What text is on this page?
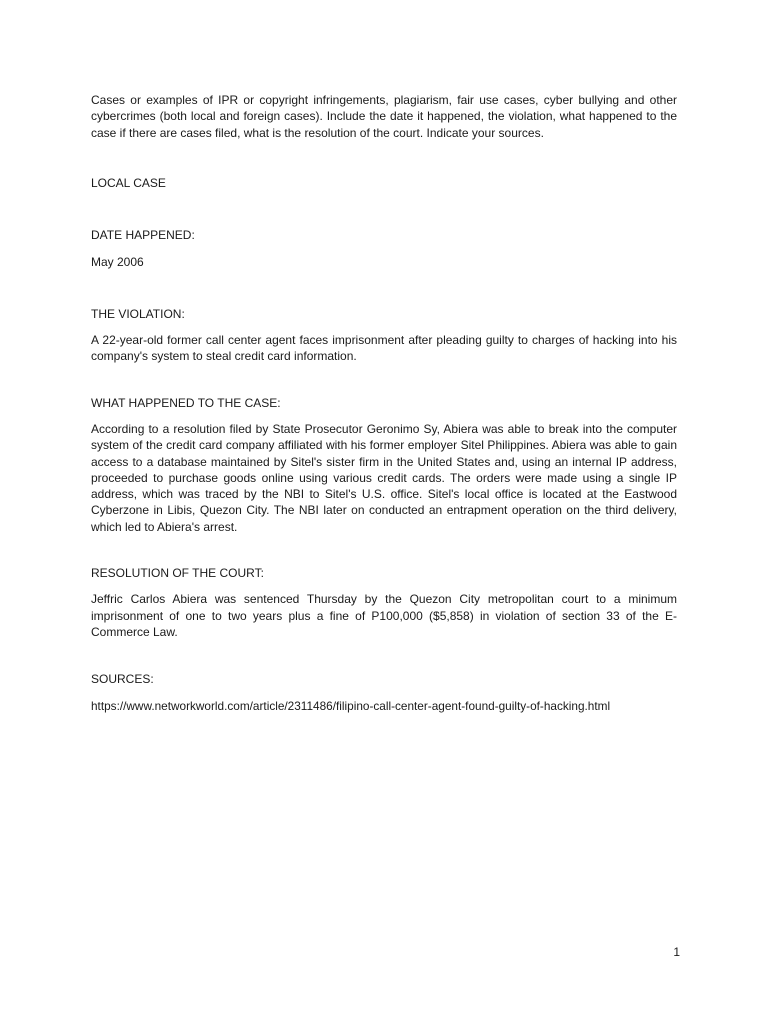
Cases or examples of IPR or copyright infringements, plagiarism, fair use cases, cyber bullying and other cybercrimes (both local and foreign cases). Include the date it happened, the violation, what happened to the case if there are cases filed, what is the resolution of the court. Indicate your sources.

LOCAL CASE

DATE HAPPENED:

May 2006

THE VIOLATION:

A 22-year-old former call center agent faces imprisonment after pleading guilty to charges of hacking into his company's system to steal credit card information.

WHAT HAPPENED TO THE CASE:

According to a resolution filed by State Prosecutor Geronimo Sy, Abiera was able to break into the computer system of the credit card company affiliated with his former employer Sitel Philippines. Abiera was able to gain access to a database maintained by Sitel's sister firm in the United States and, using an internal IP address, proceeded to purchase goods online using various credit cards. The orders were made using a single IP address, which was traced by the NBI to Sitel's U.S. office. Sitel's local office is located at the Eastwood Cyberzone in Libis, Quezon City. The NBI later on conducted an entrapment operation on the third delivery, which led to Abiera's arrest.

RESOLUTION OF THE COURT:

Jeffric Carlos Abiera was sentenced Thursday by the Quezon City metropolitan court to a minimum imprisonment of one to two years plus a fine of P100,000 ($5,858) in violation of section 33 of the E-Commerce Law.

SOURCES:

https://www.networkworld.com/article/2311486/filipino-call-center-agent-found-guilty-of-hacking.html

1
